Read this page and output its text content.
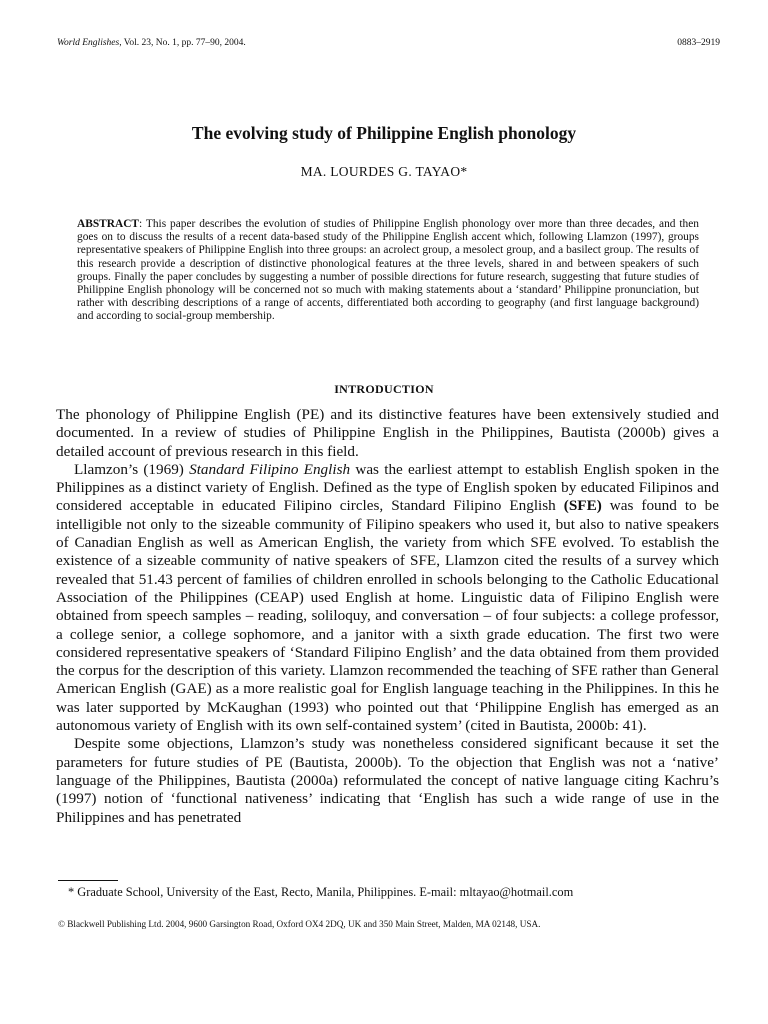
World Englishes, Vol. 23, No. 1, pp. 77–90, 2004.	0883–2919
The evolving study of Philippine English phonology
MA. LOURDES G. TAYAO*
ABSTRACT: This paper describes the evolution of studies of Philippine English phonology over more than three decades, and then goes on to discuss the results of a recent data-based study of the Philippine English accent which, following Llamzon (1997), groups representative speakers of Philippine English into three groups: an acrolect group, a mesolect group, and a basilect group. The results of this research provide a description of distinctive phonological features at the three levels, shared in and between speakers of such groups. Finally the paper concludes by suggesting a number of possible directions for future research, suggesting that future studies of Philippine English phonology will be concerned not so much with making statements about a ‘standard’ Philippine pronunciation, but rather with describing descriptions of a range of accents, differentiated both according to geography (and first language background) and according to social-group membership.
INTRODUCTION

The phonology of Philippine English (PE) and its distinctive features have been extensively studied and documented. In a review of studies of Philippine English in the Philippines, Bautista (2000b) gives a detailed account of previous research in this field.

Llamzon’s (1969) Standard Filipino English was the earliest attempt to establish English spoken in the Philippines as a distinct variety of English. Defined as the type of English spoken by educated Filipinos and considered acceptable in educated Filipino circles, Standard Filipino English (SFE) was found to be intelligible not only to the sizeable community of Filipino speakers who used it, but also to native speakers of Canadian English as well as American English, the variety from which SFE evolved. To establish the existence of a sizeable community of native speakers of SFE, Llamzon cited the results of a survey which revealed that 51.43 percent of families of children enrolled in schools belonging to the Catholic Educational Association of the Philippines (CEAP) used English at home. Linguistic data of Filipino English were obtained from speech samples – reading, soliloquy, and conversation – of four subjects: a college professor, a college senior, a college sophomore, and a janitor with a sixth grade education. The first two were considered representative speakers of ‘Standard Filipino English’ and the data obtained from them provided the corpus for the description of this variety. Llamzon recommended the teaching of SFE rather than General American English (GAE) as a more realistic goal for English language teaching in the Philippines. In this he was later supported by McKaughan (1993) who pointed out that ‘Philippine English has emerged as an autonomous variety of English with its own self-contained system’ (cited in Bautista, 2000b: 41).

Despite some objections, Llamzon’s study was nonetheless considered significant because it set the parameters for future studies of PE (Bautista, 2000b). To the objection that English was not a ‘native’ language of the Philippines, Bautista (2000a) reformulated the concept of native language citing Kachru’s (1997) notion of ‘functional nativeness’ indicating that ‘English has such a wide range of use in the Philippines and has penetrated

* Graduate School, University of the East, Recto, Manila, Philippines. E-mail: mltayao@hotmail.com
© Blackwell Publishing Ltd. 2004, 9600 Garsington Road, Oxford OX4 2DQ, UK and 350 Main Street, Malden, MA 02148, USA.
